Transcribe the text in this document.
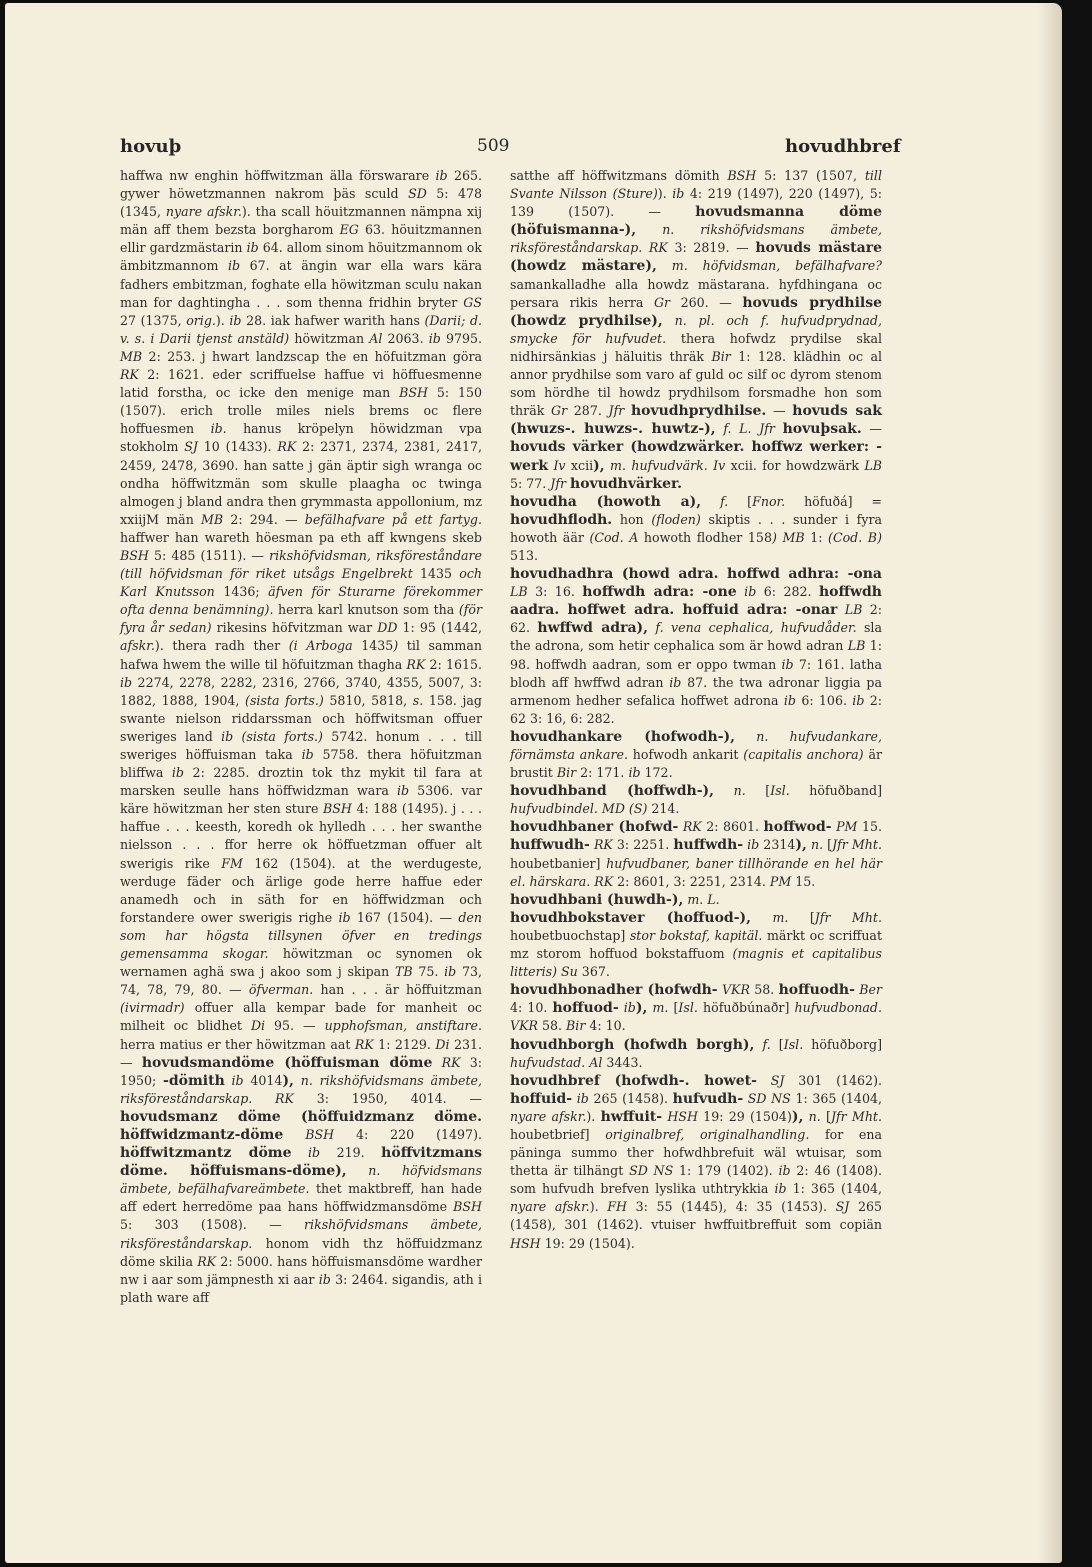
hovuþ	509	hovudhbref

haffwa nw enghin höffwitzman älla förswarare ib 265. gywer höwetzmannen nakrom þäs sculd SD 5: 478 (1345, nyare afskr.). tha scall höuitzmannen nämpna xij män aff them bezsta borgharom EG 63. höuitzmannen ellir gardzmästarin ib 64. allom sinom höuitzmannom ok ämbitzmannom ib 67. at ängin war ella wars kära fadhers embitzman, foghate ella höwitzman sculu nakan man for daghtingha . . . som thenna fridhin bryter GS 27 (1375, orig.). ib 28. iak hafwer warith hans (Darii; d. v. s. i Darii tjenst anstäld) höwitzman Al 2063. ib 9795. MB 2: 253. j hwart landzscap the en höfuitzman göra RK 2: 1621. eder scriffuelse haffue vi höffuesmenne latid forstha, oc icke den menige man BSH 5: 150 (1507). erich trolle miles niels brems oc flere hoffuesmen ib. hanus kröpelyn höwidzman vpa stokholm SJ 10 (1433). RK 2: 2371, 2374, 2381, 2417, 2459, 2478, 3690. han satte j gän äptir sigh wranga oc ondha höffwitzmän som skulle plaagha oc twinga almogen j bland andra then grymmasta appollonium, mz xxiijM män MB 2: 294. — befälhafvare på ett fartyg. haffwer han wareth höesman pa eth aff kwngens skeb BSH 5: 485 (1511). — rikshöfvidsman, riksföreståndare (till höfvidsman för riket utsågs Engelbrekt 1435 och Karl Knutsson 1436; äfven för Sturarne förekommer ofta denna benämning). herra karl knutson som tha (för fyra år sedan) rikesins höfvitzman war DD 1: 95 (1442, afskr.). thera radh ther (i Arboga 1435) til samman hafwa hwem the wille til höfuitzman thagha RK 2: 1615. ib 2274, 2278, 2282, 2316, 2766, 3740, 4355, 5007, 3: 1882, 1888, 1904, (sista forts.) 5810, 5818, s. 158. jag swante nielson riddarssman och höffwitsman offuer sweriges land ib (sista forts.) 5742. honum . . . till sweriges höffuisman taka ib 5758. thera höfuitzman bliffwa ib 2: 2285. droztin tok thz mykit til fara at marsken seulle hans höffwidzman wara ib 5306. var käre höwitzman her sten sture BSH 4: 188 (1495). j . . . haffue . . . keesth, koredh ok hylledh . . . her swanthe nielsson . . . ffor herre ok höffuetzman offuer alt swerigis rike FM 162 (1504). at the werdugeste, werduge fäder och ärlige gode herre haffue eder anamedh och in säth for en höffwidzman och forstandere ower swerigis righe ib 167 (1504). — den som har högsta tillsynen öfver en tredings gemensamma skogar. höwitzman oc synomen ok wernamen aghä swa j akoo som j skipan TB 75. ib 73, 74, 78, 79, 80. — öfverman. han . . . är höffuitzman (ivirmadr) offuer alla kempar bade for manheit oc milheit oc blidhet Di 95. — upphofsman, anstiftare. herra matius er ther höwitzman aat RK 1: 2129. Di 231. — hovudsmandöme (höffuisman döme RK 3: 1950; -dömith ib 4014), n. rikshöfvidsmans ämbete, riksföreståndarskap. RK 3: 1950, 4014. — hovudsmanz döme (höffuidzmanz döme. höffwidzmantz-döme BSH 4: 220 (1497). höffwitzmantz döme ib 219. höffvitzmans döme. höffuismans-döme), n. höfvidsmans ämbete, befälhafvareämbete. thet maktbreff, han hade aff edert herredöme paa hans höffwidzmansdöme BSH 5: 303 (1508). — rikshöfvidsmans ämbete, riksföreståndarskap. honom vidh thz höffuidzmanz döme skilia RK 2: 5000. hans höffuismansdöme wardher nw i aar som jämpnesth xi aar ib 3: 2464. sigandis, ath i plath ware aff

satthe aff höffwitzmans dömith BSH 5: 137 (1507, till Svante Nilsson (Sture)). ib 4: 219 (1497), 220 (1497), 5: 139 (1507). — hovudsmanna döme (höfuismanna-), n. rikshöfvidsmans ämbete, riksföreståndarskap. RK 3: 2819. — hovuds mästare (howdz mästare), m. höfvidsman, befälhafvare? samankalladhe alla howdz mästarana. hyfdhingana oc persara rikis herra Gr 260. — hovuds prydhilse (howdz prydhilse), n. pl. och f. hufvudprydnad, smycke för hufvudet. thera hofwdz prydilse skal nidhirsänkias j häluitis thräk Bir 1: 128. klädhin oc al annor prydhilse som varo af guld oc silf oc dyrom stenom som hördhe til howdz prydhilsom forsmadhe hon som thräk Gr 287. Jfr hovudhprydhilse. — hovuds sak (hwuzs-. huwzs-. huwtz-), f. L. Jfr hovuþsak. — hovuds värker (howdzwärker. hoffwz werker: -werk Iv xcii), m. hufvudvärk. Iv xcii. for howdzwärk LB 5: 77. Jfr hovudhvärker.

hovudha (howoth a), f. [Fnor. höfuðá] = hovudhflodh. hon (floden) skiptis . . . sunder i fyra howoth äär (Cod. A howoth flodher 158) MB 1: (Cod. B) 513.

hovudhadhra (howd adra. hoffwd adhra: -ona LB 3: 16. hoffwdh adra: -one ib 6: 282. hoffwdh aadra. hoffwet adra. hoffuid adra: -onar LB 2: 62. hwffwd adra), f. vena cephalica, hufvudåder. sla the adrona, som hetir cephalica som är howd adran LB 1: 98. hoffwdh aadran, som er oppo twman ib 7: 161. latha blodh aff hwffwd adran ib 87. the twa adronar liggia pa armenom hedher sefalica hoffwet adrona ib 6: 106. ib 2: 62 3: 16, 6: 282.

hovudhankare (hofwodh-), n. hufvudankare, förnämsta ankare. hofwodh ankarit (capitalis anchora) är brustit Bir 2: 171. ib 172.

hovudhband (hoffwdh-), n. [Isl. höfuðband] hufvudbindel. MD (S) 214.

hovudhbaner (hofwd- RK 2: 8601. hoffwod- PM 15. huffwudh- RK 3: 2251. huffwdh- ib 2314), n. [Jfr Mht. houbetbanier] hufvudbaner, baner tillhörande en hel här el. härskara. RK 2: 8601, 3: 2251, 2314. PM 15.

hovudhbani (huwdh-), m. L.

hovudhbokstaver (hoffuod-), m. [Jfr Mht. houbetbuochstap] stor bokstaf, kapitäl. märkt oc scriffuat mz storom hoffuod bokstaffuom (magnis et capitalibus litteris) Su 367.

hovudhbonadher (hofwdh- VKR 58. hoffuodh- Ber 4: 10. hoffuod- ib), m. [Isl. höfuðbúnaðr] hufvudbonad. VKR 58. Bir 4: 10.

hovudhborgh (hofwdh borgh), f. [Isl. höfuðborg] hufvudstad. Al 3443.

hovudhbref (hofwdh-. howet- SJ 301 (1462). hoffuid- ib 265 (1458). hufvudh- SD NS 1: 365 (1404, nyare afskr.). hwffuit- HSH 19: 29 (1504)), n. [Jfr Mht. houbetbrief] originalbref, originalhandling. for ena päninga summo ther hofwdhbrefuit wäl wtuisar, som thetta är tilhängt SD NS 1: 179 (1402). ib 2: 46 (1408). som hufvudh brefven lyslika uthtrykkia ib 1: 365 (1404, nyare afskr.). FH 3: 55 (1445), 4: 35 (1453). SJ 265 (1458), 301 (1462). vtuiser hwffuitbreffuit som copiän HSH 19: 29 (1504).
